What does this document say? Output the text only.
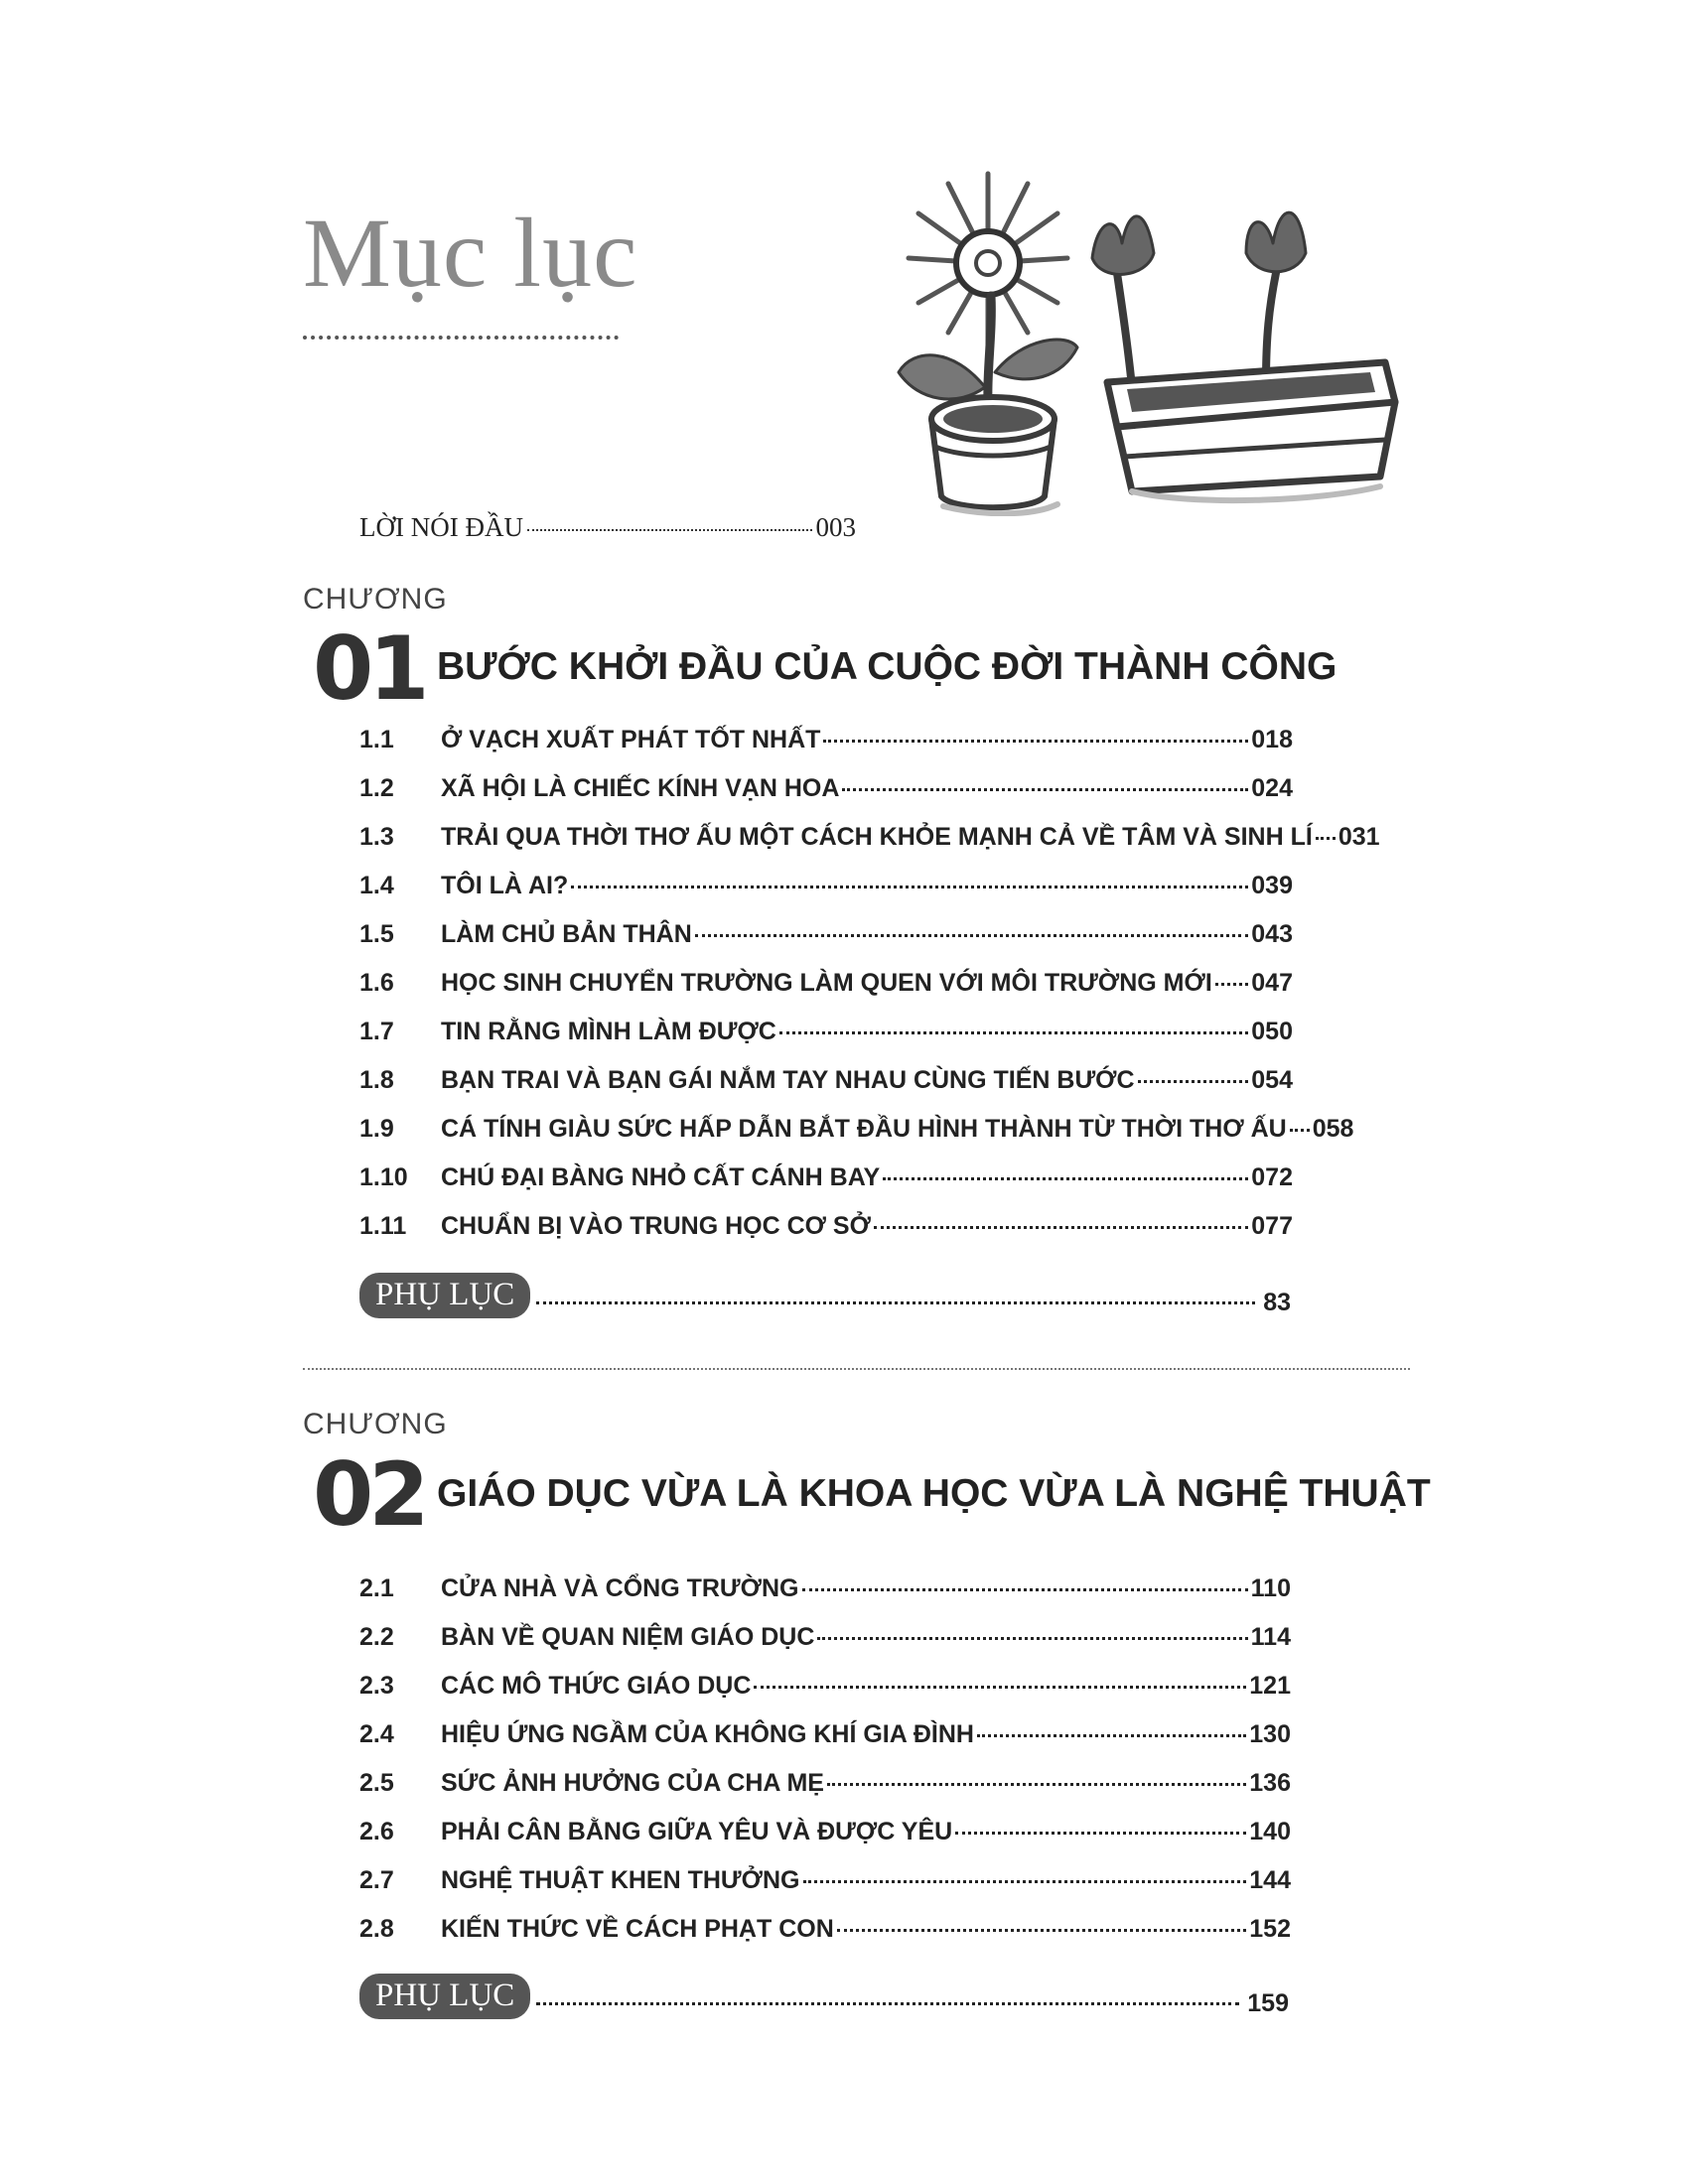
Mục lục
LỜI NÓI ĐẦU	003
CHƯƠNG
01 BƯỚC KHỞI ĐẦU CỦA CUỘC ĐỜI THÀNH CÔNG
1.1	Ở VẠCH XUẤT PHÁT TỐT NHẤT	018
1.2	XÃ HỘI LÀ CHIẾC KÍNH VẠN HOA	024
1.3	TRẢI QUA THỜI THƠ ẤU MỘT CÁCH KHỎE MẠNH CẢ VỀ TÂM VÀ SINH LÍ 031
1.4	TÔI LÀ AI?	039
1.5	LÀM CHỦ BẢN THÂN	043
1.6	HỌC SINH CHUYỂN TRƯỜNG LÀM QUEN VỚI MÔI TRƯỜNG MỚI 047
1.7	TIN RẰNG MÌNH LÀM ĐƯỢC	050
1.8	BẠN TRAI VÀ BẠN GÁI NẮM TAY NHAU CÙNG TIẾN BƯỚC	054
1.9	CÁ TÍNH GIÀU SỨC HẤP DẪN BẮT ĐẦU HÌNH THÀNH TỪ THỜI THƠ ẤU 058
1.10	CHÚ ĐẠI BÀNG NHỎ CẤT CÁNH BAY	072
1.11	CHUẨN BỊ VÀO TRUNG HỌC CƠ SỞ	077
PHỤ LỤC	83
CHƯƠNG
02 GIÁO DỤC VỪA LÀ KHOA HỌC VỪA LÀ NGHỆ THUẬT
2.1	CỬA NHÀ VÀ CỔNG TRƯỜNG	110
2.2	BÀN VỀ QUAN NIỆM GIÁO DỤC	114
2.3	CÁC MÔ THỨC GIÁO DỤC	121
2.4	HIỆU ỨNG NGẦM CỦA KHÔNG KHÍ GIA ĐÌNH	130
2.5	SỨC ẢNH HƯỞNG CỦA CHA MẸ	136
2.6	PHẢI CÂN BẰNG GIỮA YÊU VÀ ĐƯỢC YÊU	140
2.7	NGHỆ THUẬT KHEN THƯỞNG	144
2.8	KIẾN THỨC VỀ CÁCH PHẠT CON	152
PHỤ LỤC	159
